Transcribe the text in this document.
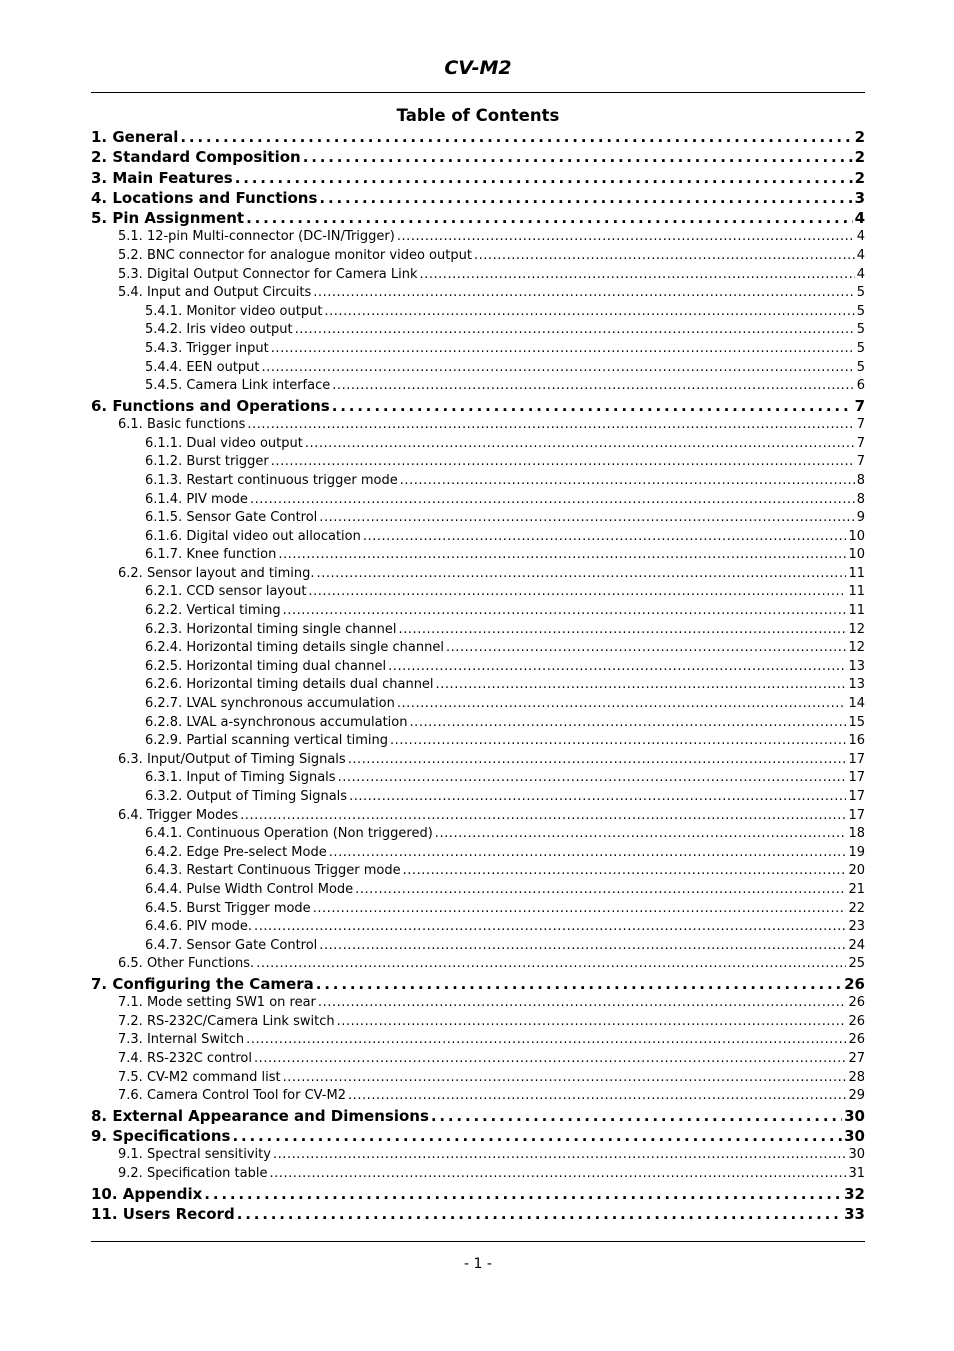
CV-M2
Table of Contents
1. General . . .	2
2. Standard Composition . . .	2
3. Main Features . . .	2
4. Locations and Functions . . .	3
5. Pin Assignment . . .	4
5.1. 12-pin Multi-connector (DC-IN/Trigger) . . .	4
5.2. BNC connector for analogue monitor video output . . .	4
5.3. Digital Output Connector for Camera Link . . .	4
5.4. Input and Output Circuits . . .	5
5.4.1. Monitor video output . . .	5
5.4.2. Iris video output . . .	5
5.4.3. Trigger input . . .	5
5.4.4. EEN output . . .	5
5.4.5. Camera Link interface . . .	6
6. Functions and Operations . . .	7
6.1. Basic functions . . .	7
6.1.1. Dual video output . . .	7
6.1.2. Burst trigger . . .	7
6.1.3. Restart continuous trigger mode . . .	8
6.1.4. PIV mode . . .	8
6.1.5. Sensor Gate Control . . .	9
6.1.6. Digital video out allocation . . .	10
6.1.7. Knee function . . .	10
6.2. Sensor layout and timing. . . .	11
6.2.1. CCD sensor layout . . .	11
6.2.2. Vertical timing . . .	11
6.2.3. Horizontal timing single channel . . .	12
6.2.4. Horizontal timing details single channel . . .	12
6.2.5. Horizontal timing dual channel . . .	13
6.2.6. Horizontal timing details dual channel . . .	13
6.2.7. LVAL synchronous accumulation . . .	14
6.2.8. LVAL a-synchronous accumulation . . .	15
6.2.9. Partial scanning vertical timing . . .	16
6.3. Input/Output of Timing Signals . . .	17
6.3.1. Input of Timing Signals . . .	17
6.3.2. Output of Timing Signals . . .	17
6.4. Trigger Modes . . .	17
6.4.1. Continuous Operation (Non triggered) . . .	18
6.4.2. Edge Pre-select Mode . . .	19
6.4.3. Restart Continuous Trigger mode . . .	20
6.4.4. Pulse Width Control Mode . . .	21
6.4.5. Burst Trigger mode . . .	22
6.4.6. PIV mode. . . .	23
6.4.7. Sensor Gate Control . . .	24
6.5. Other Functions. . . .	25
7. Configuring the Camera . . .	26
7.1. Mode setting SW1 on rear . . .	26
7.2. RS-232C/Camera Link switch . . .	26
7.3. Internal Switch . . .	26
7.4. RS-232C control . . .	27
7.5. CV-M2 command list . . .	28
7.6. Camera Control Tool for CV-M2 . . .	29
8. External Appearance and Dimensions . . .	30
9. Specifications . . .	30
9.1. Spectral sensitivity . . .	30
9.2. Specification table . . .	31
10. Appendix . . .	32
11. Users Record . . .	33
- 1 -
